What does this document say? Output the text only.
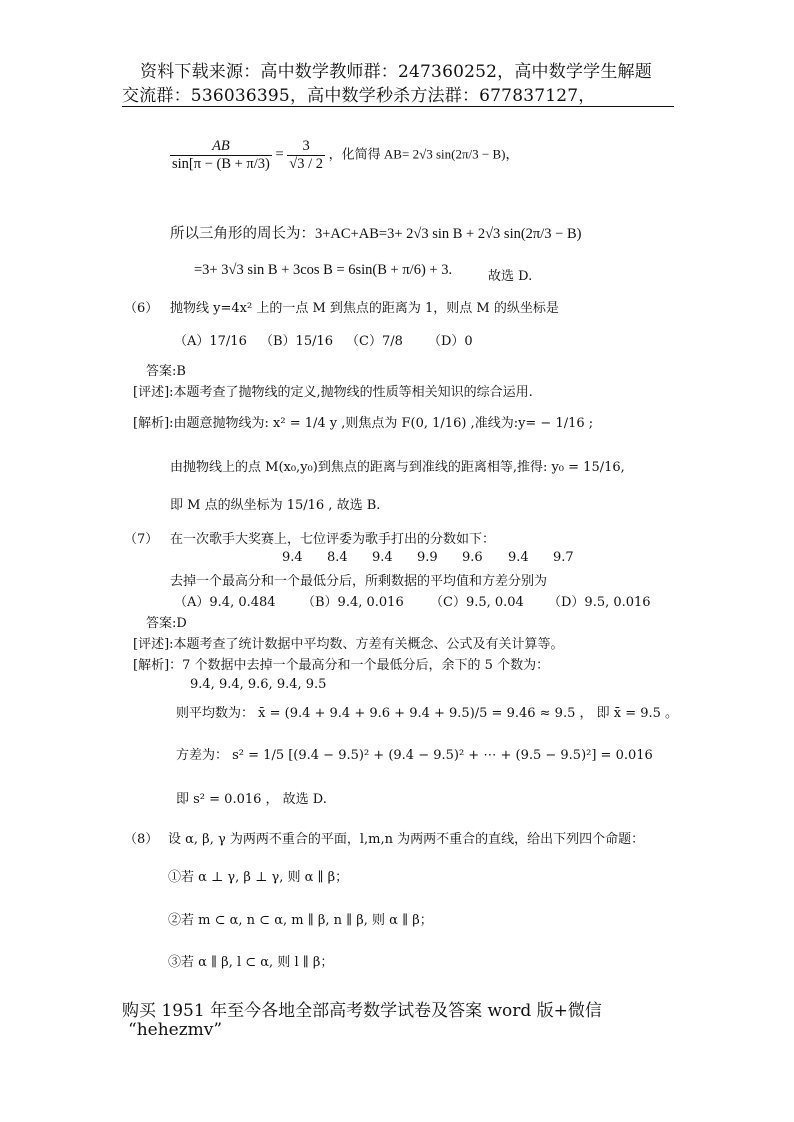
资料下载来源：高中数学教师群：247360252，高中数学学生解题
交流群：536036395，高中数学秒杀方法群：677837127，
$\frac{AB}{\sin[\pi - (B + \pi/3)} = \frac{3}{√3 / 2}$ ，化简得 AB= 2√3 sin(2π/3 − B)，
所以三角形的周长为：3+AC+AB=3+ 2√3 sin B + 2√3 sin(2π/3 − B)
=3+ 3√3 sin B + 3cos B = 6sin(B + π/6) + 3.	故选 D.
（6） 抛物线 y=4x² 上的一点 M 到焦点的距离为 1，则点 M 的纵坐标是
（A）17/16 （B）15/16 （C）7/8 （D）0
答案:B
[评述]:本题考查了抛物线的定义,抛物线的性质等相关知识的综合运用.
[解析]:由题意抛物线为: x² = 1/4 y ,则焦点为 F(0, 1/16) ,准线为:y= − 1/16 ;
由抛物线上的点 M(x₀,y₀)到焦点的距离与到准线的距离相等,推得: y₀ = 15/16,
即 M 点的纵坐标为 15/16 , 故选 B.
（7） 在一次歌手大奖赛上，七位评委为歌手打出的分数如下：
9.4 8.4 9.4 9.9 9.6 9.4 9.7
去掉一个最高分和一个最低分后，所剩数据的平均值和方差分别为
（A）9.4, 0.484 （B）9.4, 0.016 （C）9.5, 0.04 （D）9.5, 0.016
答案:D
[评述]:本题考查了统计数据中平均数、方差有关概念、公式及有关计算等。
[解析]：7 个数据中去掉一个最高分和一个最低分后，余下的 5 个数为：
9.4, 9.4, 9.6, 9.4, 9.5
则平均数为： x̄ = (9.4 + 9.4 + 9.6 + 9.4 + 9.5)/5 = 9.46 ≈ 9.5 ， 即 x̄ = 9.5 。
方差为： s² = 1/5 [(9.4 − 9.5)² + (9.4 − 9.5)² + ⋯ + (9.5 − 9.5)²] = 0.016
即 s² = 0.016 ， 故选 D.
（8） 设 α, β, γ 为两两不重合的平面，l,m,n 为两两不重合的直线，给出下列四个命题：
①若 α ⊥ γ, β ⊥ γ, 则 α ∥ β；
②若 m ⊂ α, n ⊂ α, m ∥ β, n ∥ β, 则 α ∥ β；
③若 α ∥ β, l ⊂ α, 则 l ∥ β；
购买 1951 年至今各地全部高考数学试卷及答案 word 版+微信
“hehezmv”
